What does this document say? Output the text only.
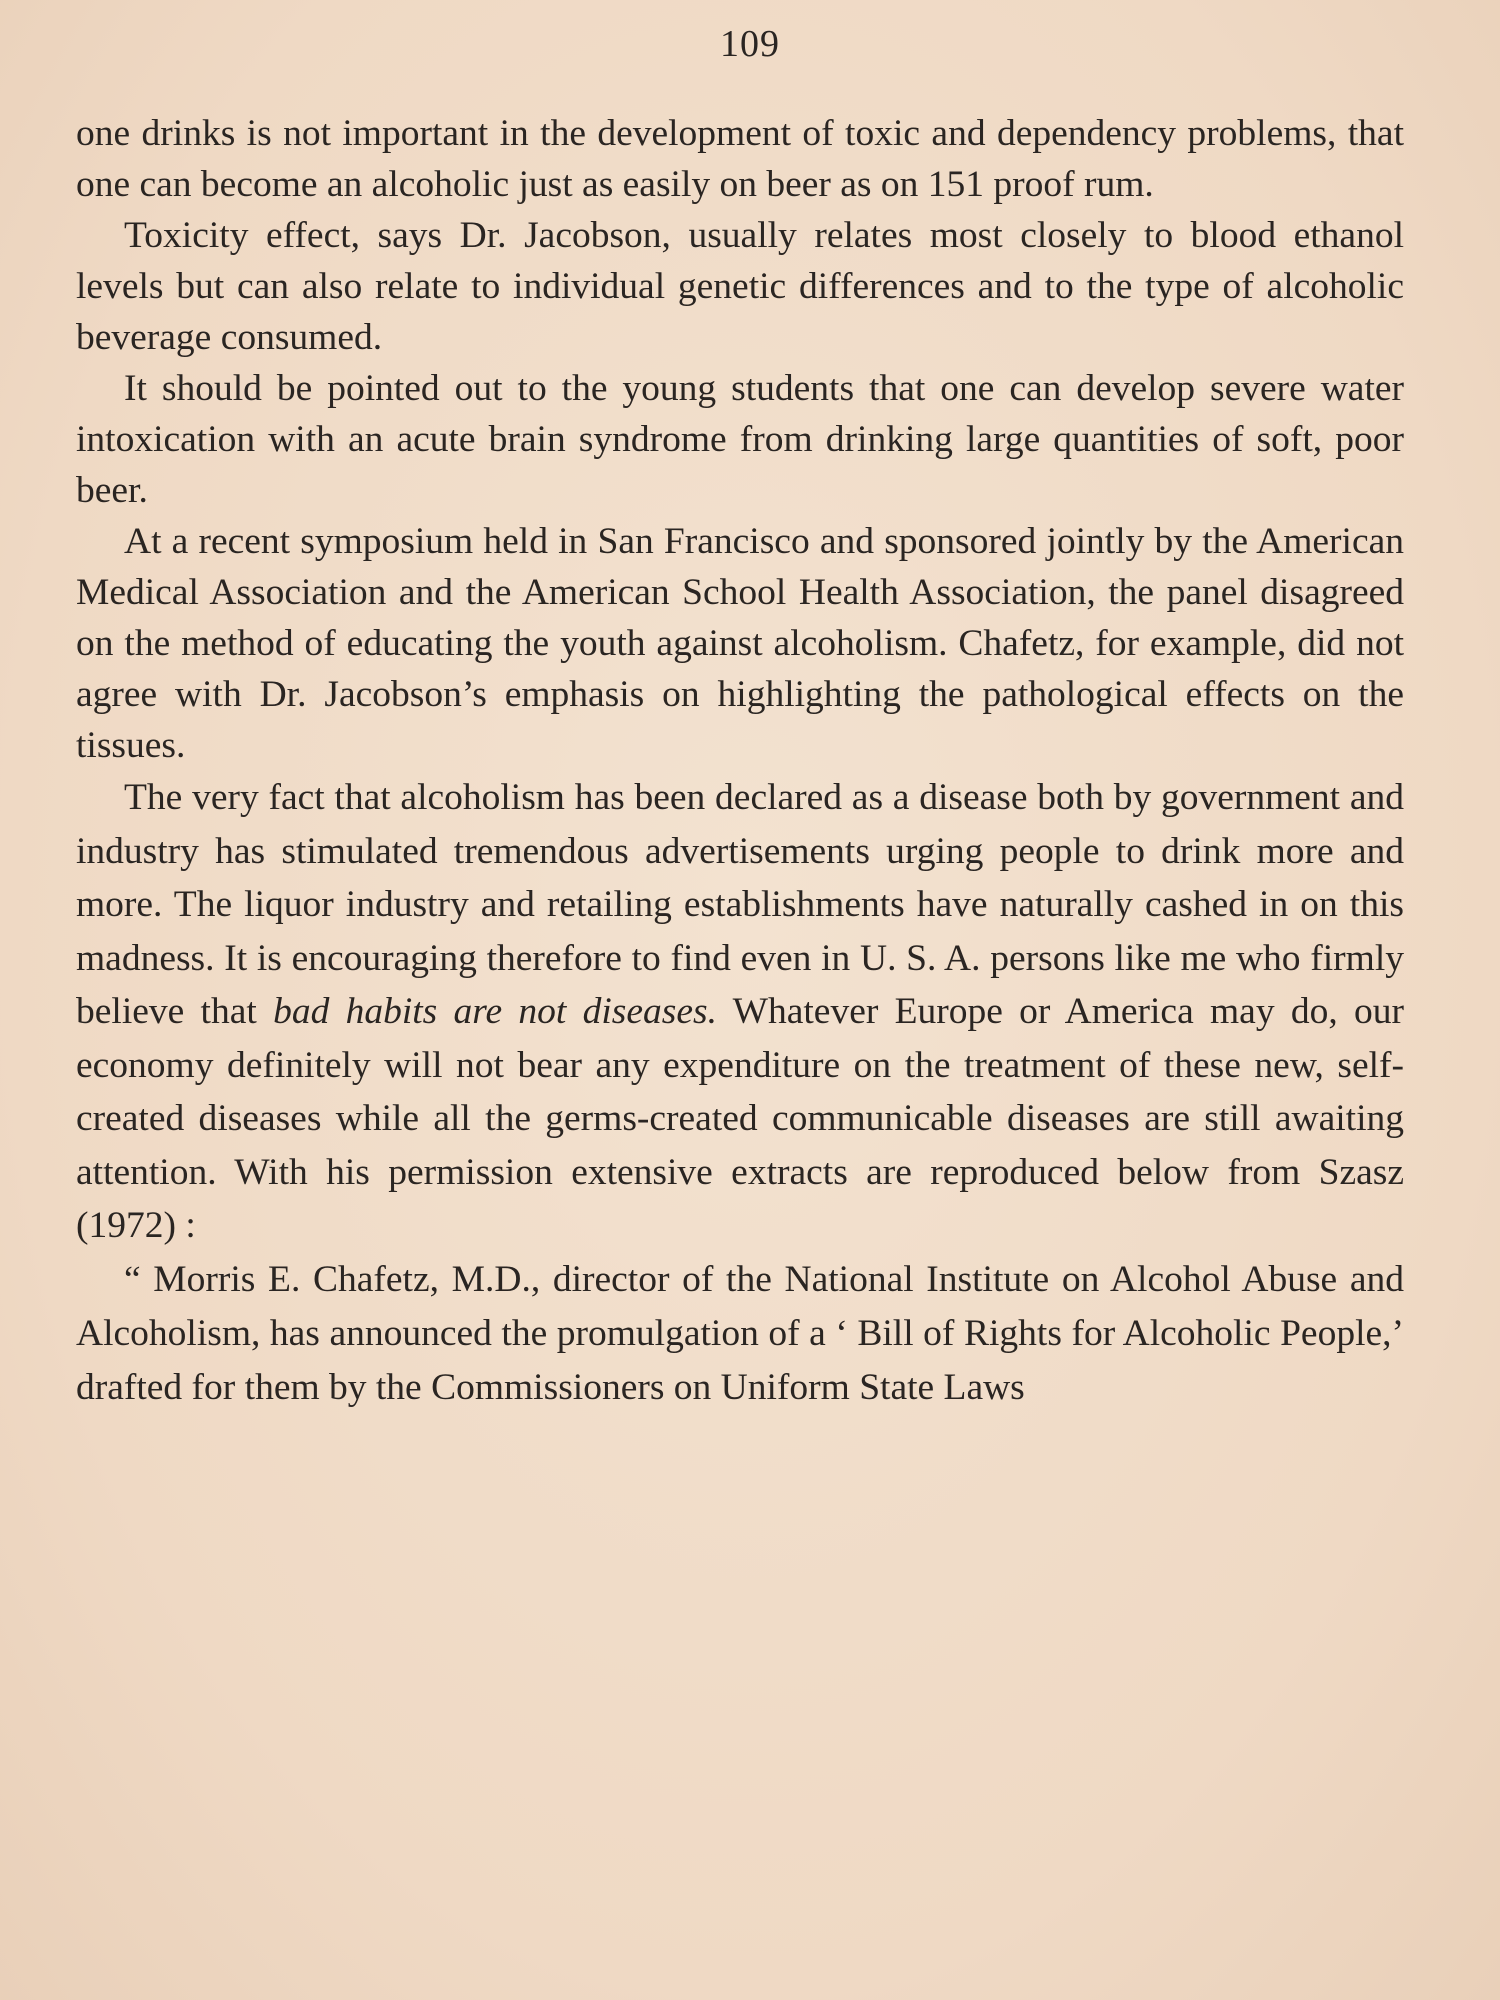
109

one drinks is not important in the development of toxic and dependency problems, that one can become an alcoholic just as easily on beer as on 151 proof rum.

Toxicity effect, says Dr. Jacobson, usually relates most closely to blood ethanol levels but can also relate to individual genetic differences and to the type of alcoholic beverage consumed.

It should be pointed out to the young students that one can develop severe water intoxication with an acute brain syndrome from drinking large quantities of soft, poor beer.

At a recent symposium held in San Francisco and sponsored jointly by the American Medical Association and the American School Health Association, the panel disagreed on the method of educating the youth against alcoholism. Chafetz, for example, did not agree with Dr. Jacobson’s emphasis on highlighting the pathological effects on the tissues.

The very fact that alcoholism has been declared as a disease both by government and industry has stimulated tremendous advertisements urging people to drink more and more. The liquor industry and retailing establishments have naturally cashed in on this madness. It is encouraging therefore to find even in U. S. A. persons like me who firmly believe that bad habits are not diseases. Whatever Europe or America may do, our economy definitely will not bear any expenditure on the treatment of these new, self-created diseases while all the germs-created communicable diseases are still awaiting attention. With his permission extensive extracts are reproduced below from Szasz (1972) :

“ Morris E. Chafetz, M.D., director of the National Institute on Alcohol Abuse and Alcoholism, has announced the promulgation of a ‘ Bill of Rights for Alcoholic People,’ drafted for them by the Commissioners on Uniform State Laws
